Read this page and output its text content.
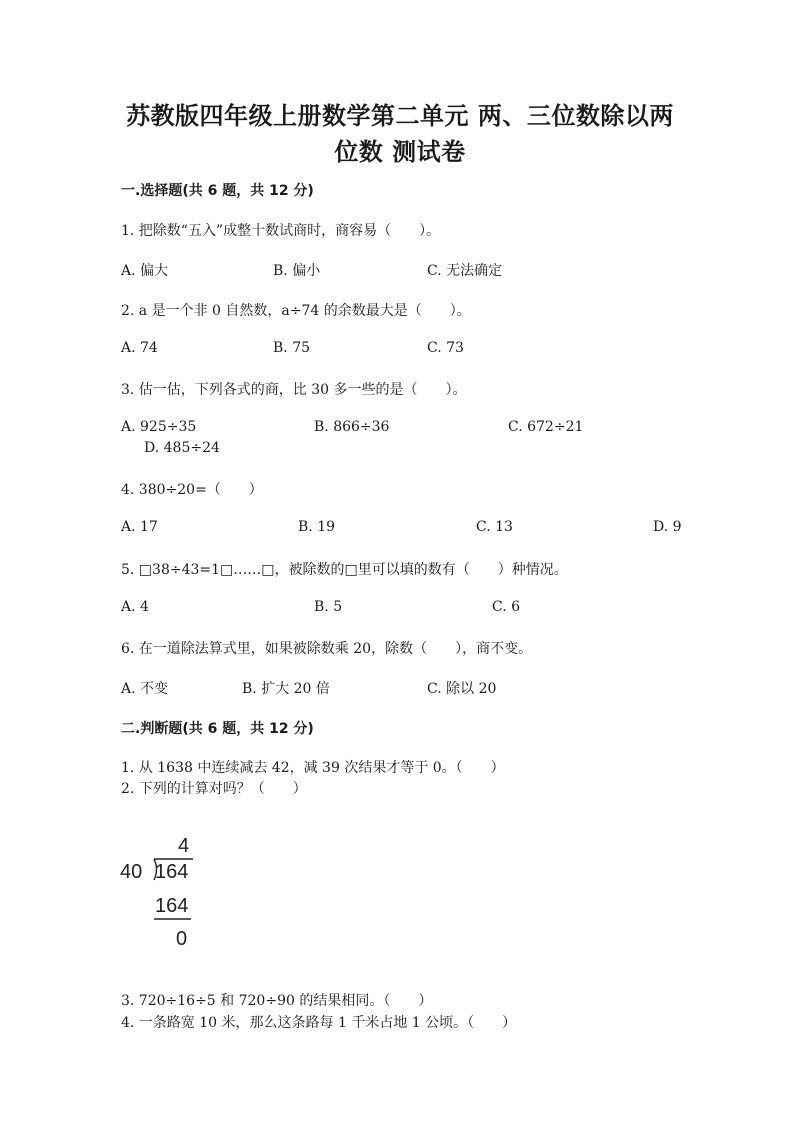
苏教版四年级上册数学第二单元 两、三位数除以两
位数 测试卷
一.选择题(共 6 题，共 12 分)
1. 把除数“五入”成整十数试商时，商容易（　　）。
A. 偏大	B. 偏小	C. 无法确定
2. a 是一个非 0 自然数，a÷74 的余数最大是（　　）。
A. 74	B. 75	C. 73
3. 估一估，下列各式的商，比 30 多一些的是（　　）。
A. 925÷35	B. 866÷36	C. 672÷21
D. 485÷24
4. 380÷20=（　　）
A. 17	B. 19	C. 13	D. 9
5. □38÷43=1□……□，被除数的□里可以填的数有（　　）种情况。
A. 4	B. 5	C. 6
6. 在一道除法算式里，如果被除数乘 20，除数（　　），商不变。
A. 不变	B. 扩大 20 倍	C. 除以 20
二.判断题(共 6 题，共 12 分)
1. 从 1638 中连续减去 42，减 39 次结果才等于 0。（　　）
2. 下列的计算对吗？（　　）
4
40 164
164
0
3. 720÷16÷5 和 720÷90 的结果相同。（　　）
4. 一条路宽 10 米，那么这条路每 1 千米占地 1 公顷。（　　）
